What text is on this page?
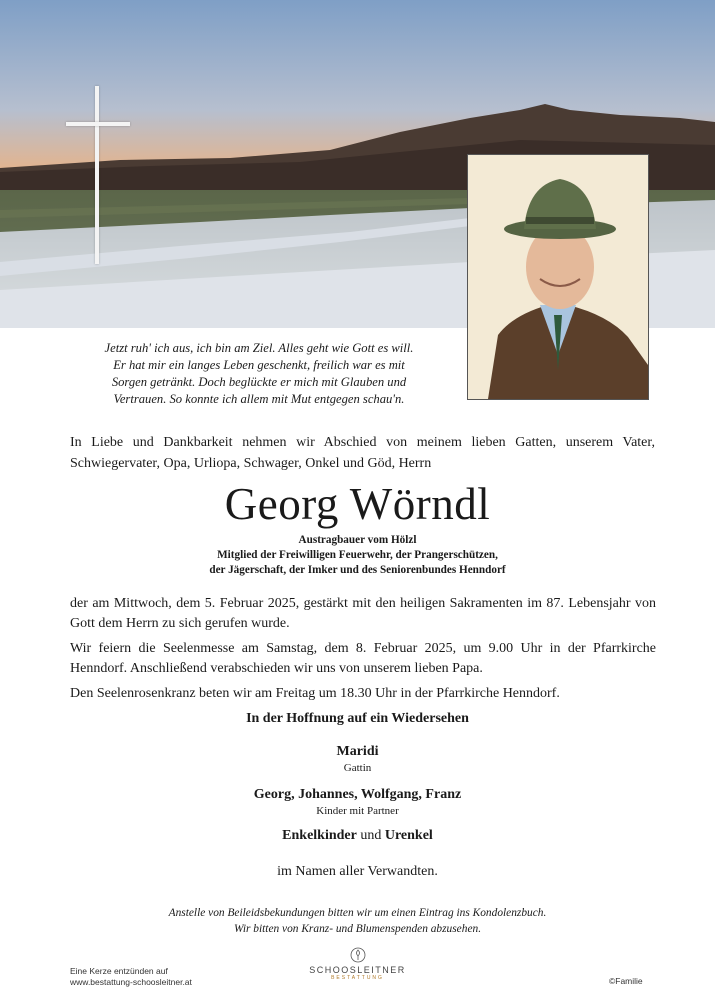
Jetzt ruh' ich aus, ich bin am Ziel. Alles geht wie Gott es will.
Er hat mir ein langes Leben geschenkt, freilich war es mit
Sorgen getränkt. Doch beglückte er mich mit Glauben und
Vertrauen. So konnte ich allem mit Mut entgegen schau'n.
In Liebe und Dankbarkeit nehmen wir Abschied von meinem lieben Gatten, unserem Vater, Schwiegervater, Opa, Urliopa, Schwager, Onkel und Göd, Herrn
Georg Wörndl
Austragbauer vom Hölzl
Mitglied der Freiwilligen Feuerwehr, der Prangerschützen,
der Jägerschaft, der Imker und des Seniorenbundes Henndorf

der am Mittwoch, dem 5. Februar 2025, gestärkt mit den heiligen Sakramenten im 87. Lebensjahr von Gott dem Herrn zu sich gerufen wurde.

Wir feiern die Seelenmesse am Samstag, dem 8. Februar 2025, um 9.00 Uhr in der Pfarrkirche Henndorf. Anschließend verabschieden wir uns von unserem lieben Papa.

Den Seelenrosenkranz beten wir am Freitag um 18.30 Uhr in der Pfarrkirche Henndorf.

In der Hoffnung auf ein Wiedersehen
Maridi
Gattin
Georg, Johannes, Wolfgang, Franz
Kinder mit Partner
Enkelkinder und Urenkel
im Namen aller Verwandten.
Anstelle von Beileidsbekundungen bitten wir um einen Eintrag ins Kondolenzbuch.
Wir bitten von Kranz- und Blumenspenden abzusehen.
Eine Kerze entzünden auf
www.bestattung-schoosleitner.at
SCHOOSLEITNER
BESTATTUNG	©Familie
